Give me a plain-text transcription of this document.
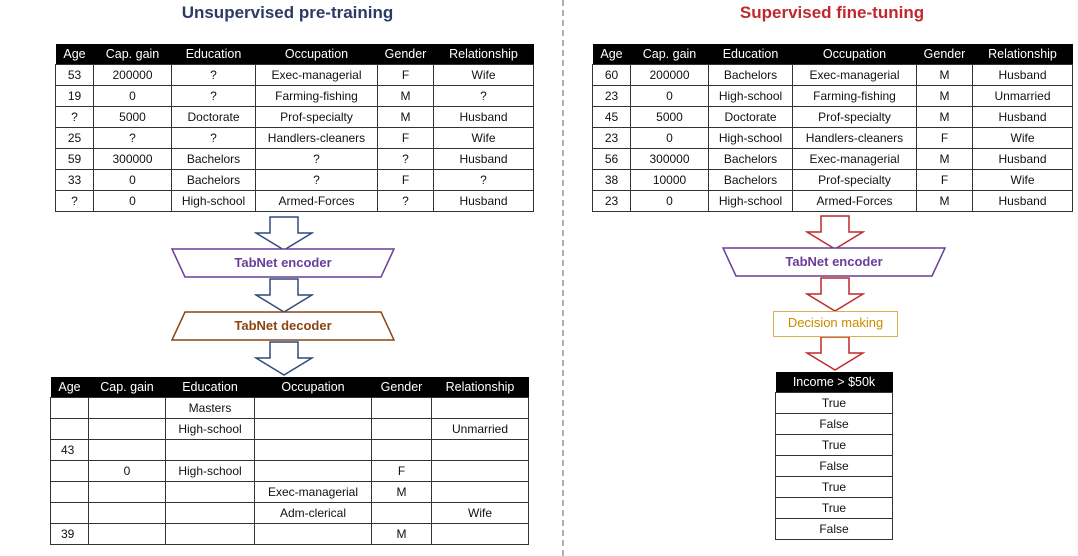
Unsupervised pre-training	Supervised fine-tuning
Age	Cap. gain	Education	Occupation	Gender	Relationship
53	200000	?	Exec-managerial	F	Wife
19	0	?	Farming-fishing	M	?
?	5000	Doctorate	Prof-specialty	M	Husband
25	?	?	Handlers-cleaners	F	Wife
59	300000	Bachelors	?	?	Husband
33	0	Bachelors	?	F	?
?	0	High-school	Armed-Forces	?	Husband
Age	Cap. gain	Education	Occupation	Gender	Relationship
60	200000	Bachelors	Exec-managerial	M	Husband
23	0	High-school	Farming-fishing	M	Unmarried
45	5000	Doctorate	Prof-specialty	M	Husband
23	0	High-school	Handlers-cleaners	F	Wife
56	300000	Bachelors	Exec-managerial	M	Husband
38	10000	Bachelors	Prof-specialty	F	Wife
23	0	High-school	Armed-Forces	M	Husband
Age	Cap. gain	Education	Occupation	Gender	Relationship
		Masters			
		High-school			Unmarried
43					
	0	High-school		F	
			Exec-managerial	M	
			Adm-clerical		Wife
39				M	
Income > $50k
True
False
True
False
True
True
False
TabNet encoder
TabNet decoder
TabNet encoder
Decision making
